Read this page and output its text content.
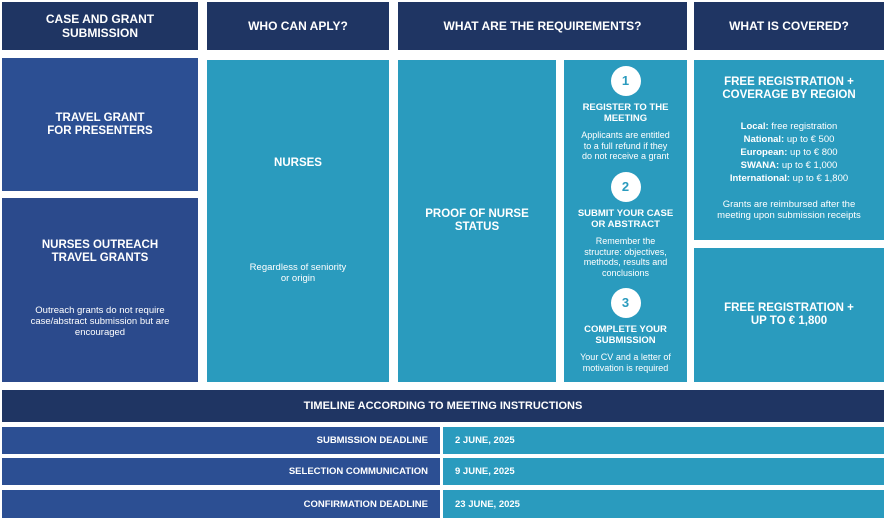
CASE AND GRANT SUBMISSION	WHO CAN APLY?	WHAT ARE THE REQUIREMENTS?	WHAT IS COVERED?
TRAVEL GRANT
FOR PRESENTERS
NURSES OUTREACH
TRAVEL GRANTS
Outreach grants do not require case/abstract submission but are encouraged
NURSES
Regardless of seniority
or origin
PROOF OF NURSE
STATUS
1
REGISTER TO THE
MEETING
Applicants are entitled
to a full refund if they
do not receive a grant
2
SUBMIT YOUR CASE
OR ABSTRACT
Remember the
structure: objectives,
methods, results and
conclusions
3
COMPLETE YOUR
SUBMISSION
Your CV and a letter of
motivation is required
FREE REGISTRATION +
COVERAGE BY REGION
Local: free registration
National: up to € 500
European: up to € 800
SWANA: up to € 1,000
International: up to € 1,800
Grants are reimbursed after the
meeting upon submission receipts
FREE REGISTRATION +
UP TO € 1,800
TIMELINE ACCORDING TO MEETING INSTRUCTIONS
SUBMISSION DEADLINE	2 JUNE, 2025
SELECTION COMMUNICATION	9 JUNE, 2025
CONFIRMATION DEADLINE	23 JUNE, 2025
